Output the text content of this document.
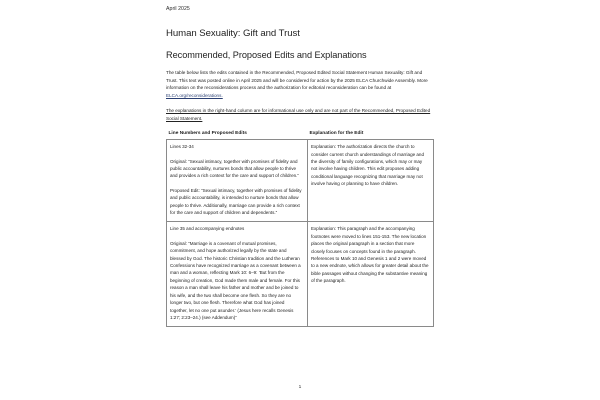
April 2025
Human Sexuality: Gift and Trust
Recommended, Proposed Edits and Explanations

The table below lists the edits contained in the Recommended, Proposed Edited Social Statement Human Sexuality: Gift and Trust. This text was posted online in April 2025 and will be considered for action by the 2025 ELCA Churchwide Assembly. More information on the reconsiderations process and the authorization for editorial reconsideration can be found at ELCA.org/reconsiderations.

The explanations in the right-hand column are for informational use only and are not part of the Recommended, Proposed Edited Social Statement.

Line Numbers and Proposed Edits	Explanation for the Edit

Lines 32-34

Original: “Sexual intimacy, together with promises of fidelity and public accountability, nurtures bonds that allow people to thrive and provides a rich context for the care and support of children.”

Proposed Edit: “Sexual intimacy, together with promises of fidelity and public accountability, is intended to nurture bonds that allow people to thrive. Additionally, marriage can provide a rich context for the care and support of children and dependents.”

Explanation: The authorization directs the church to consider current church understandings of marriage and the diversity of family configurations, which may or may not involve having children. This edit proposes adding conditional language recognizing that marriage may not involve having or planning to have children.

Line 35 and accompanying endnotes

Original: “Marriage is a covenant of mutual promises, commitment, and hope authorized legally by the state and blessed by God. The historic Christian tradition and the Lutheran Confessions have recognized marriage as a covenant between a man and a woman, reflecting Mark 10: 6–9: ‘But from the beginning of creation, God made them male and female. For this reason a man shall leave his father and mother and be joined to his wife, and the two shall become one flesh. So they are no longer two, but one flesh. Therefore what God has joined together, let no one put asunder.’ (Jesus here recalls Genesis 1:27; 2:23–24.) (see Addendum)”

Explanation: This paragraph and the accompanying footnotes were moved to lines 151-153. The new location places the original paragraph in a section that more closely focuses on concepts found in the paragraph. References to Mark 10 and Genesis 1 and 2 were moved to a new endnote, which allows for greater detail about the bible passages without changing the substantive meaning of the paragraph.

1
